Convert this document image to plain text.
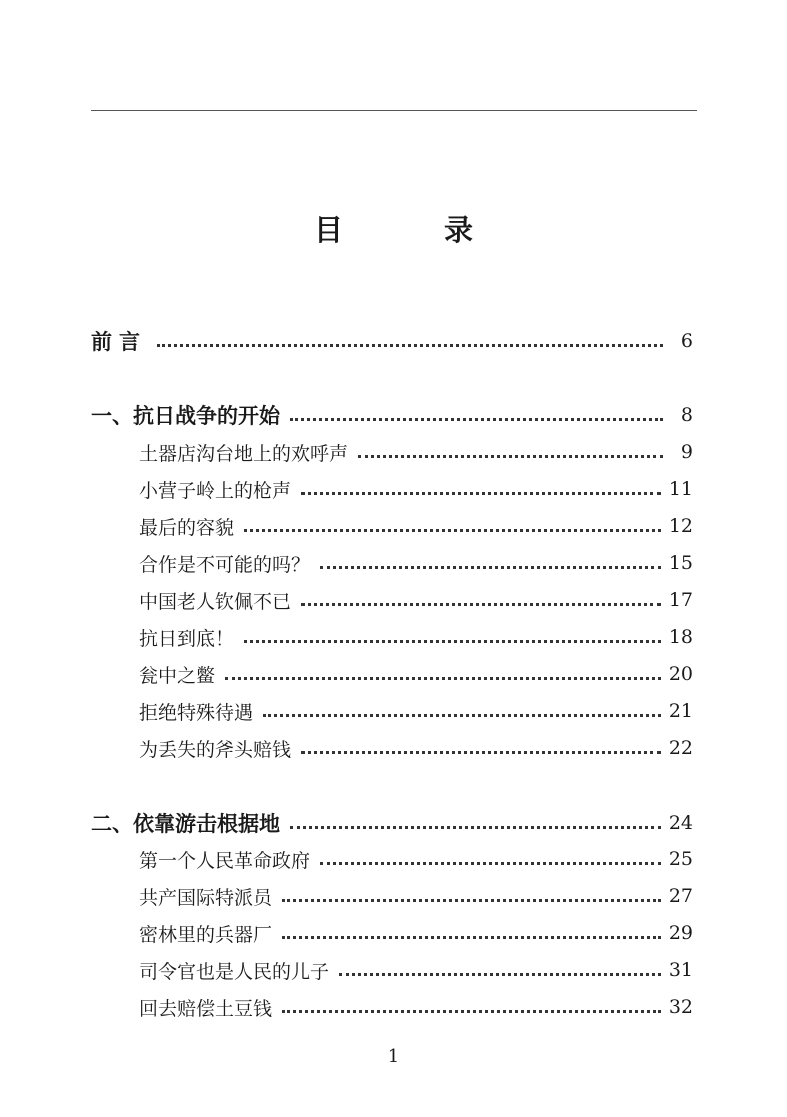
目　录
前言	6
一、抗日战争的开始	8
土器店沟台地上的欢呼声	9
小营子岭上的枪声	11
最后的容貌	12
合作是不可能的吗？	15
中国老人钦佩不已	17
抗日到底！	18
瓮中之鳖	20
拒绝特殊待遇	21
为丢失的斧头赔钱	22
二、依靠游击根据地	24
第一个人民革命政府	25
共产国际特派员	27
密林里的兵器厂	29
司令官也是人民的儿子	31
回去赔偿土豆钱	32
1
